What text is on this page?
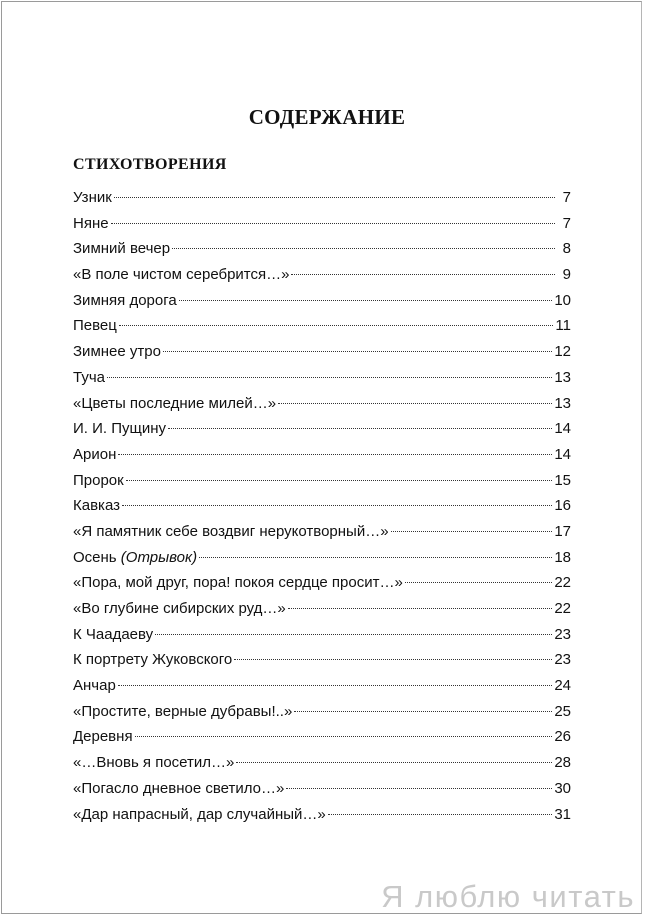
СОДЕРЖАНИЕ
СТИХОТВОРЕНИЯ
Узник	7
Няне	7
Зимний вечер	8
«В поле чистом серебрится…»	9
Зимняя дорога	10
Певец	11
Зимнее утро	12
Туча	13
«Цветы последние милей…»	13
И. И. Пущину	14
Арион	14
Пророк	15
Кавказ	16
«Я памятник себе воздвиг нерукотворный…»	17
Осень (Отрывок)	18
«Пора, мой друг, пора! покоя сердце просит…»	22
«Во глубине сибирских руд…»	22
К Чаадаеву	23
К портрету Жуковского	23
Анчар	24
«Простите, верные дубравы!..»	25
Деревня	26
«…Вновь я посетил…»	28
«Погасло дневное светило…»	30
«Дар напрасный, дар случайный…»	31
Я люблю читать
